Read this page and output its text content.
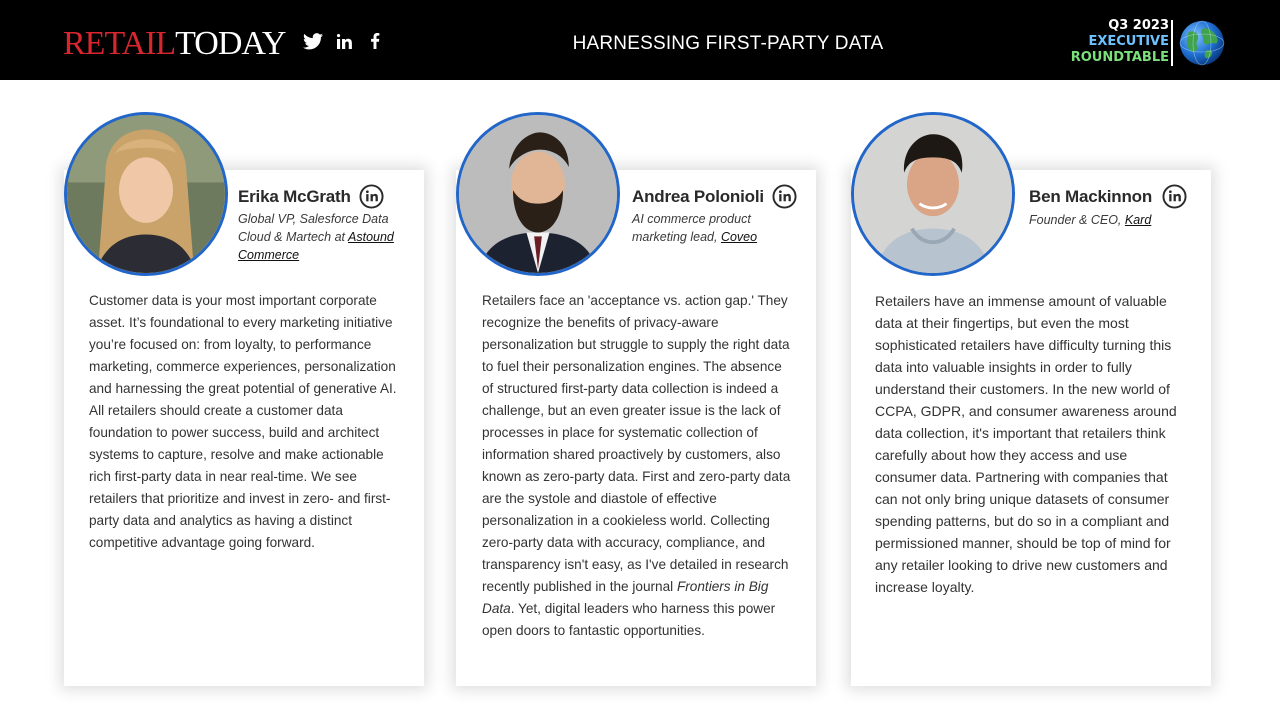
RETAIL TODAY	HARNESSING FIRST-PARTY DATA
Q3 2023
EXECUTIVE
ROUNDTABLE
Erika McGrath
Global VP, Salesforce Data Cloud & Martech at Astound Commerce
Customer data is your most important corporate asset. It’s foundational to every marketing initiative you’re focused on: from loyalty, to performance marketing, commerce experiences, personalization and harnessing the great potential of generative AI. All retailers should create a customer data foundation to power success, build and architect systems to capture, resolve and make actionable rich first-party data in near real-time. We see retailers that prioritize and invest in zero- and first-party data and analytics as having a distinct competitive advantage going forward.
Andrea Polonioli
AI commerce product marketing lead, Coveo
Retailers face an 'acceptance vs. action gap.' They recognize the benefits of privacy-aware personalization but struggle to supply the right data to fuel their personalization engines. The absence of structured first-party data collection is indeed a challenge, but an even greater issue is the lack of processes in place for systematic collection of information shared proactively by customers, also known as zero-party data. First and zero-party data are the systole and diastole of effective personalization in a cookieless world. Collecting zero-party data with accuracy, compliance, and transparency isn't easy, as I've detailed in research recently published in the journal Frontiers in Big Data. Yet, digital leaders who harness this power open doors to fantastic opportunities.
Ben Mackinnon
Founder & CEO, Kard
Retailers have an immense amount of valuable data at their fingertips, but even the most sophisticated retailers have difficulty turning this data into valuable insights in order to fully understand their customers. In the new world of CCPA, GDPR, and consumer awareness around data collection, it's important that retailers think carefully about how they access and use consumer data. Partnering with companies that can not only bring unique datasets of consumer spending patterns, but do so in a compliant and permissioned manner, should be top of mind for any retailer looking to drive new customers and increase loyalty.
